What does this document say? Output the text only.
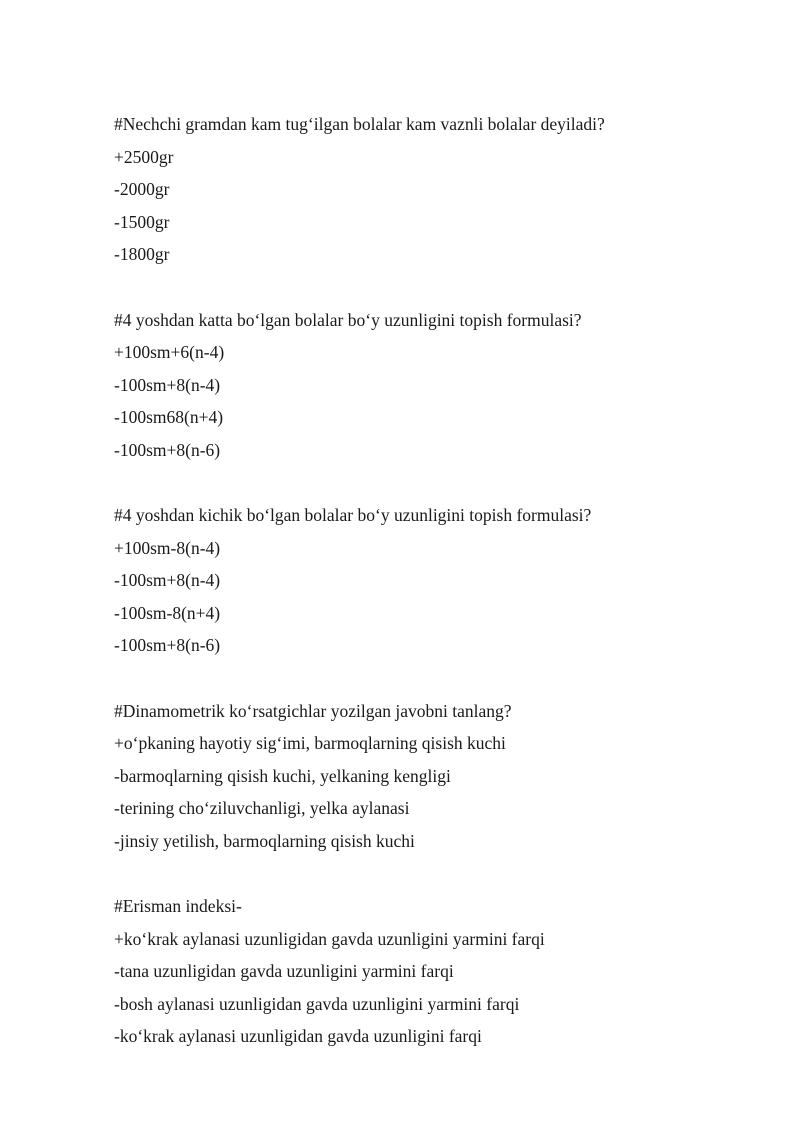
#Nechchi gramdan kam tug‘ilgan bolalar kam vaznli bolalar deyiladi?
+2500gr
-2000gr
-1500gr
-1800gr
#4 yoshdan katta bo‘lgan bolalar bo‘y uzunligini topish formulasi?
+100sm+6(n-4)
-100sm+8(n-4)
-100sm68(n+4)
-100sm+8(n-6)
#4 yoshdan kichik bo‘lgan bolalar bo‘y uzunligini topish formulasi?
+100sm-8(n-4)
-100sm+8(n-4)
-100sm-8(n+4)
-100sm+8(n-6)
#Dinamometrik ko‘rsatgichlar yozilgan javobni tanlang?
+o‘pkaning hayotiy sig‘imi, barmoqlarning qisish kuchi
-barmoqlarning qisish kuchi, yelkaning kengligi
-terining cho‘ziluvchanligi, yelka aylanasi
-jinsiy yetilish, barmoqlarning qisish kuchi
#Erisman indeksi-
+ko‘krak aylanasi uzunligidan gavda uzunligini yarmini farqi
-tana uzunligidan gavda uzunligini yarmini farqi
-bosh aylanasi uzunligidan gavda uzunligini yarmini farqi
-ko‘krak aylanasi uzunligidan gavda uzunligini farqi
